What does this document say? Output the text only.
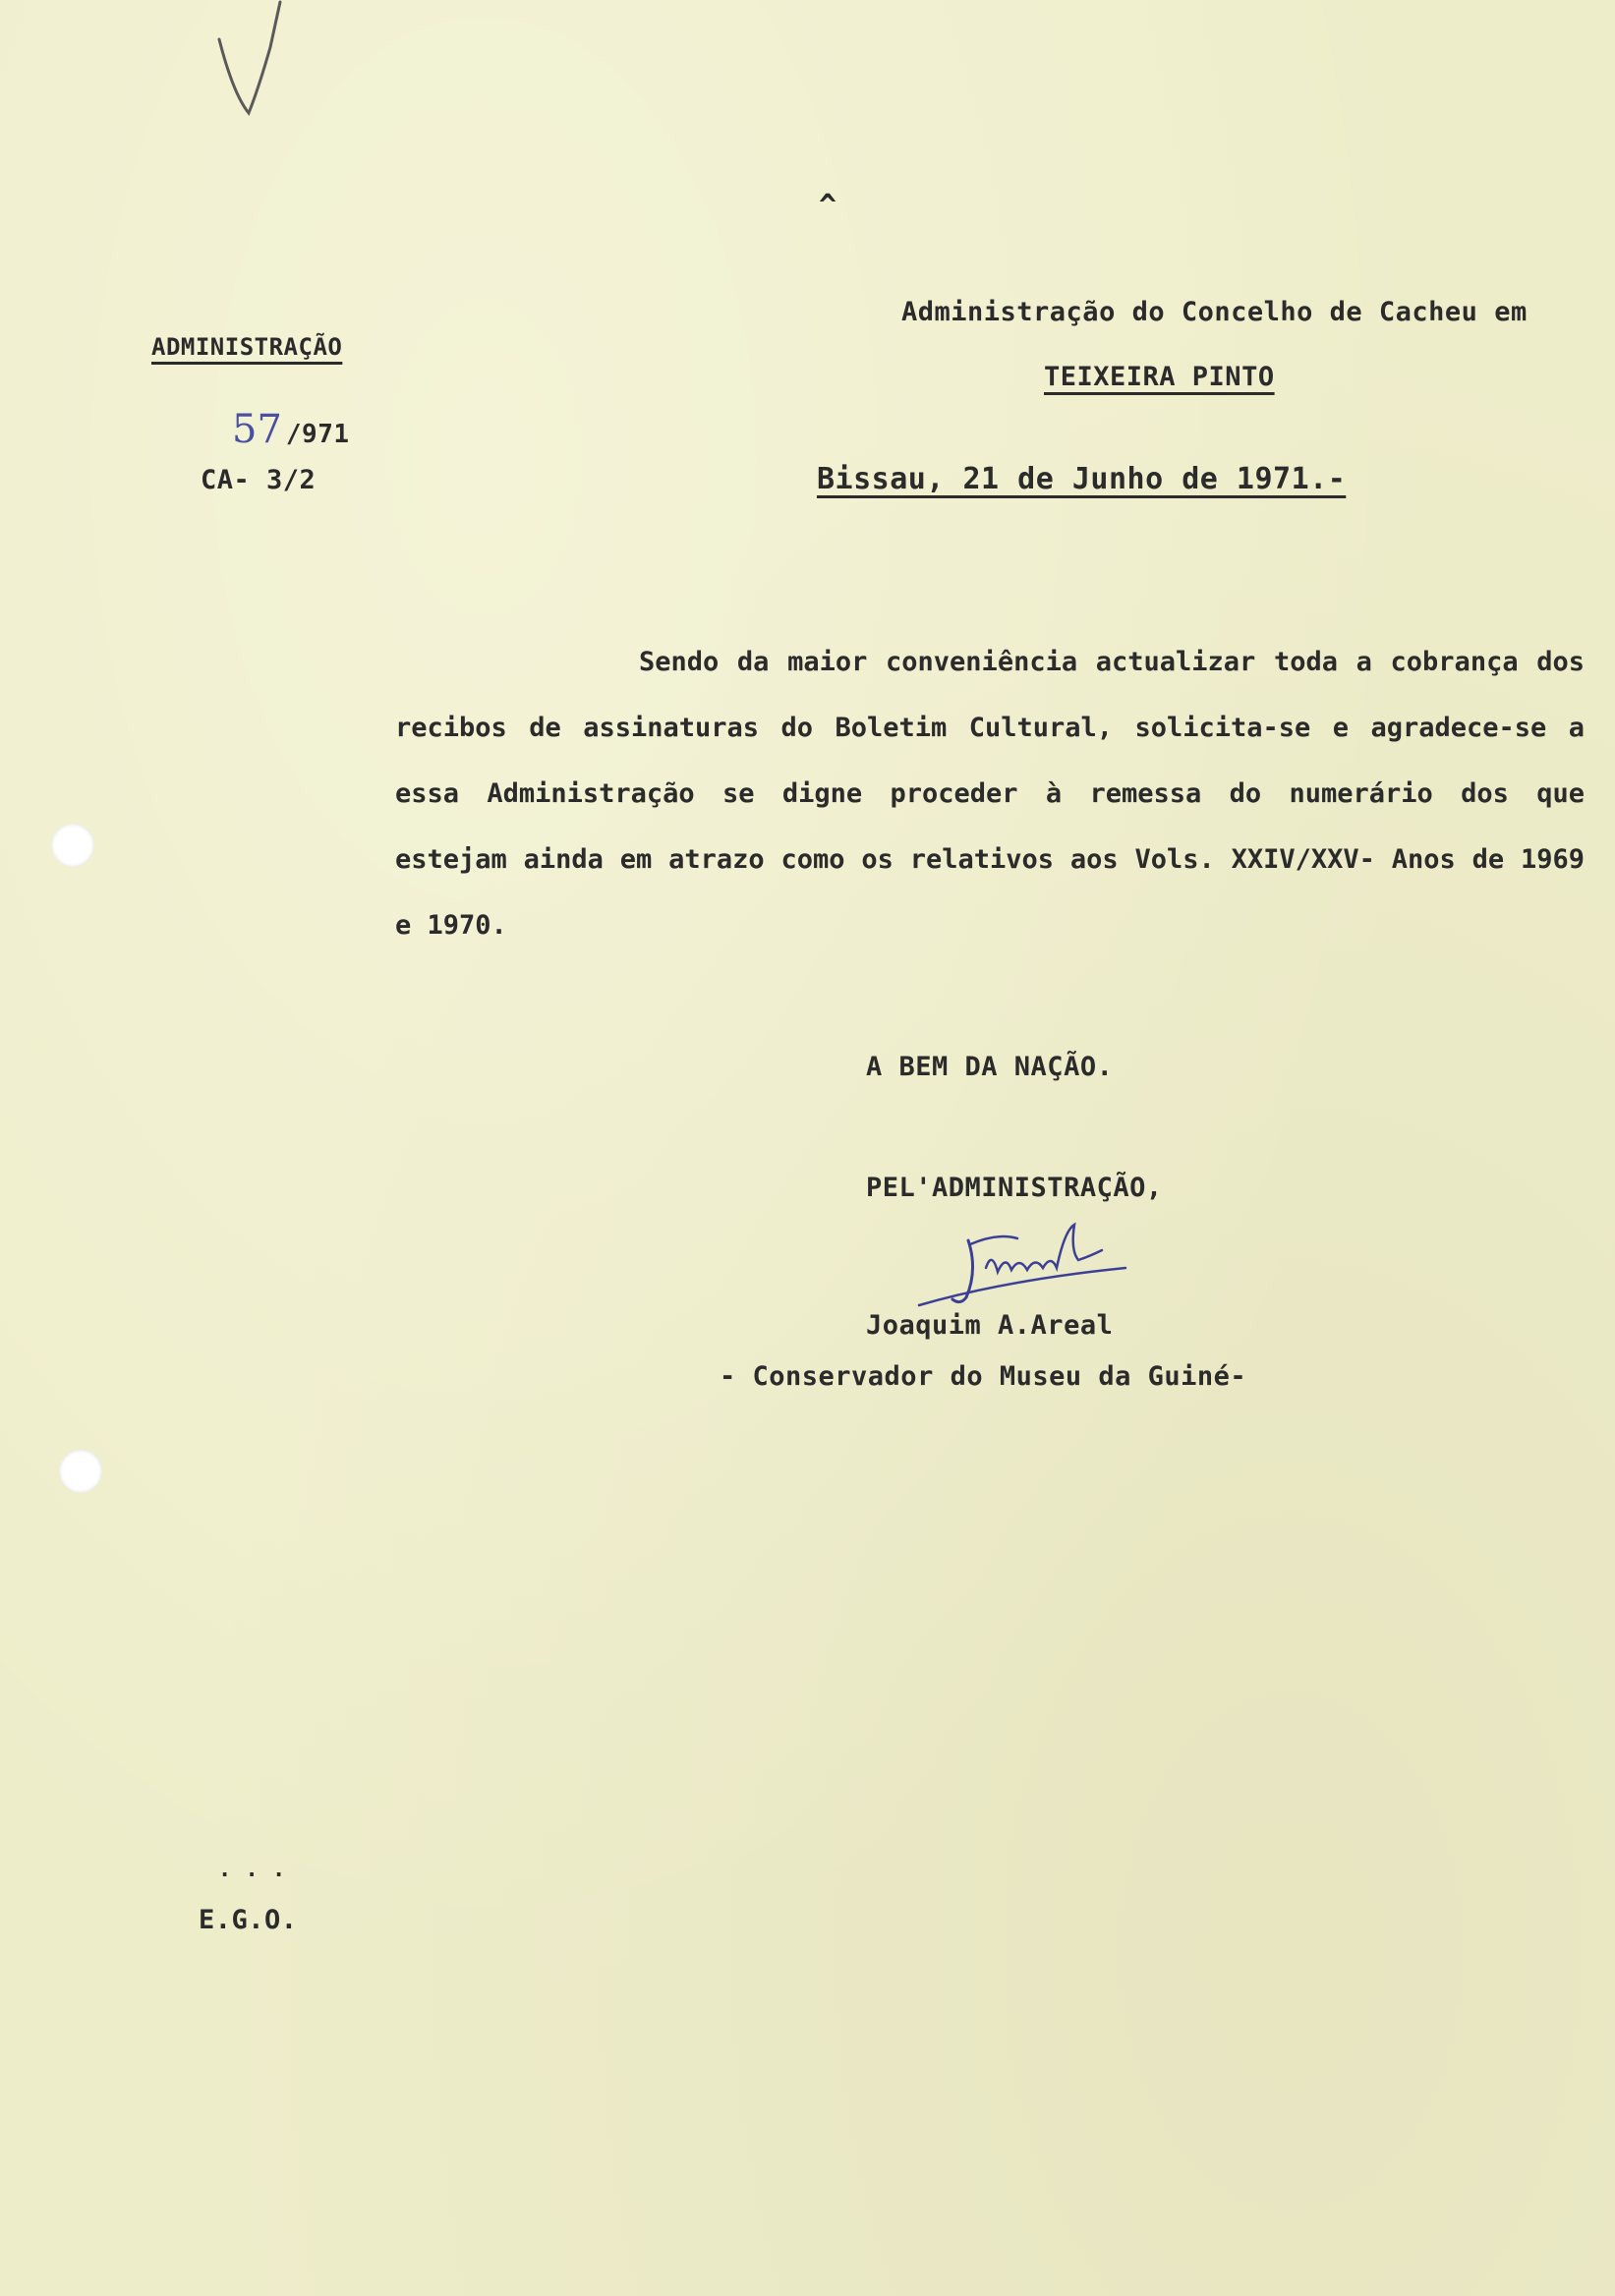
^
ADMINISTRAÇÃO
57 /971
CA- 3/2
Administração do Concelho de Cacheu em
TEIXEIRA PINTO
Bissau, 21 de Junho de 1971.-
Sendo da maior conveniência actualizar toda a cobrança dos recibos de assinaturas do Boletim Cultural, solicita-se e agradece-se a essa Administração se digne proceder à remessa do numerário dos que estejam ainda em atrazo como os relativos aos Vols. XXIV/XXV- Anos de 1969 e 1970.
A BEM DA NAÇÃO.
PEL'ADMINISTRAÇÃO,
Joaquim A.Areal
- Conservador do Museu da Guiné-
. . .
E.G.O.
